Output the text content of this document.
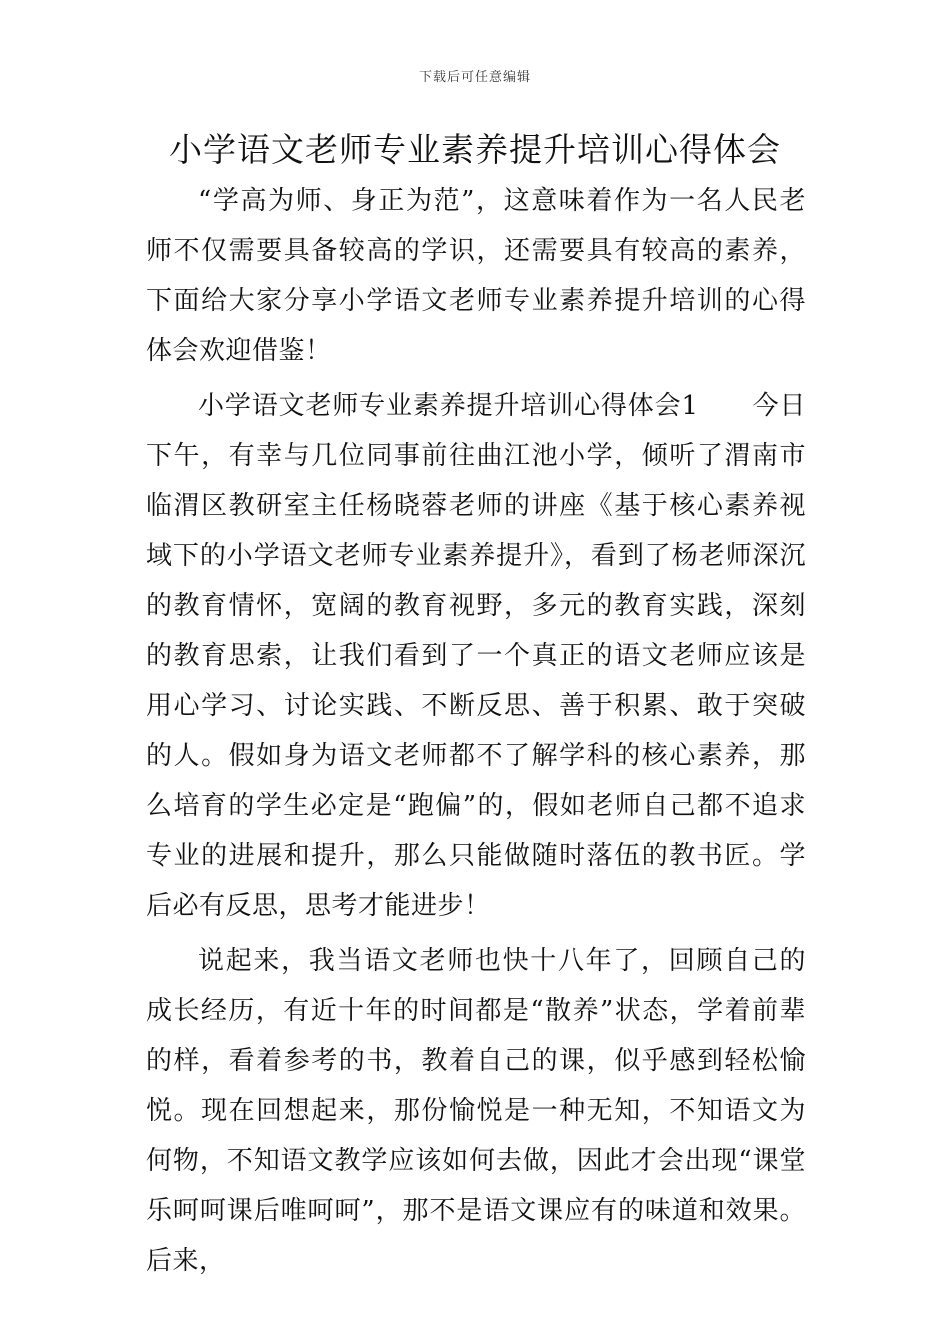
下载后可任意编辑
小学语文老师专业素养提升培训心得体会

“学高为师、身正为范”，这意味着作为一名人民老师不仅需要具备较高的学识，还需要具有较高的素养，下面给大家分享小学语文老师专业素养提升培训的心得体会欢迎借鉴！

小学语文老师专业素养提升培训心得体会1　　今日下午，有幸与几位同事前往曲江池小学，倾听了渭南市临渭区教研室主任杨晓蓉老师的讲座《基于核心素养视域下的小学语文老师专业素养提升》，看到了杨老师深沉的教育情怀，宽阔的教育视野，多元的教育实践，深刻的教育思索，让我们看到了一个真正的语文老师应该是用心学习、讨论实践、不断反思、善于积累、敢于突破的人。假如身为语文老师都不了解学科的核心素养，那么培育的学生必定是“跑偏”的，假如老师自己都不追求专业的进展和提升，那么只能做随时落伍的教书匠。学后必有反思，思考才能进步！

说起来，我当语文老师也快十八年了，回顾自己的成长经历，有近十年的时间都是“散养”状态，学着前辈的样，看着参考的书，教着自己的课，似乎感到轻松愉悦。现在回想起来，那份愉悦是一种无知，不知语文为何物，不知语文教学应该如何去做，因此才会出现“课堂乐呵呵课后唯呵呵”，那不是语文课应有的味道和效果。后来，
